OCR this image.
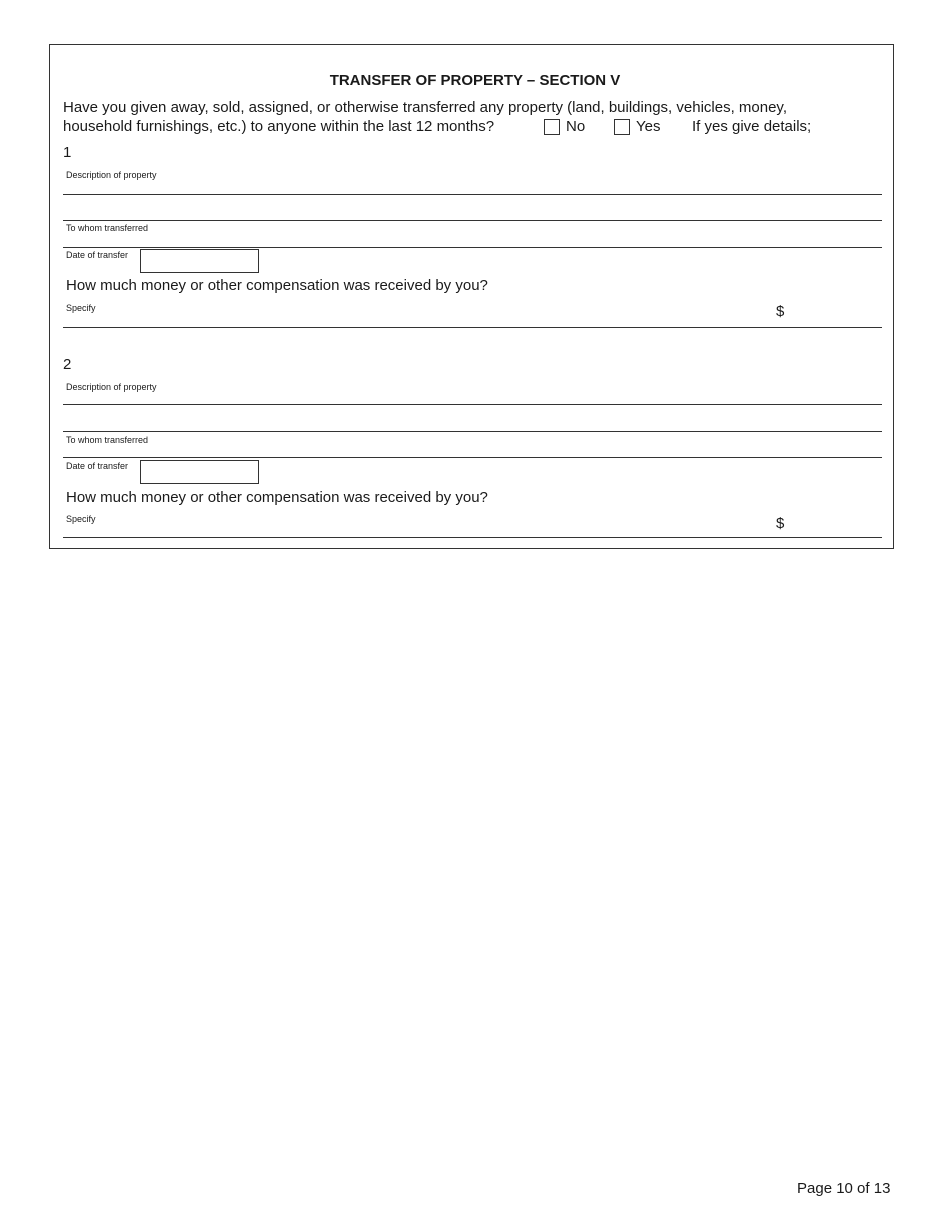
TRANSFER OF PROPERTY – SECTION V
Have you given away, sold, assigned, or otherwise transferred any property (land, buildings, vehicles, money,
household furnishings, etc.) to anyone within the last 12 months?	No	Yes If yes give details;
1
Description of property
To whom transferred
Date of transfer
How much money or other compensation was received by you?
Specify	$
2
Description of property
To whom transferred
Date of transfer
How much money or other compensation was received by you?
Specify	$
Page 10 of 13
